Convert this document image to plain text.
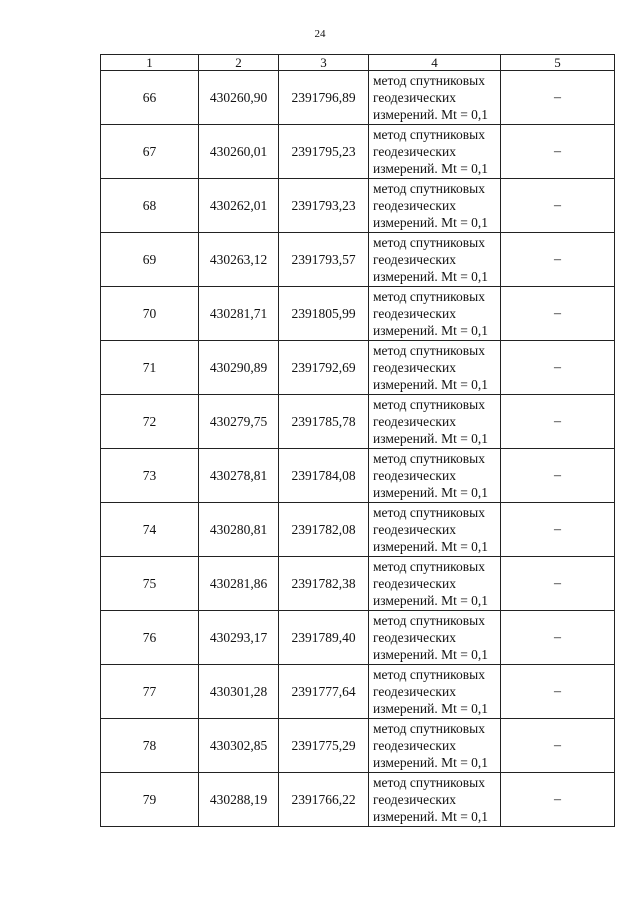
24
1	2	3	4	5
66	430260,90	2391796,89	метод спутниковых
геодезических
измерений. Mt = 0,1	–
67	430260,01	2391795,23	метод спутниковых
геодезических
измерений. Mt = 0,1	–
68	430262,01	2391793,23	метод спутниковых
геодезических
измерений. Mt = 0,1	–
69	430263,12	2391793,57	метод спутниковых
геодезических
измерений. Mt = 0,1	–
70	430281,71	2391805,99	метод спутниковых
геодезических
измерений. Mt = 0,1	–
71	430290,89	2391792,69	метод спутниковых
геодезических
измерений. Mt = 0,1	–
72	430279,75	2391785,78	метод спутниковых
геодезических
измерений. Mt = 0,1	–
73	430278,81	2391784,08	метод спутниковых
геодезических
измерений. Mt = 0,1	–
74	430280,81	2391782,08	метод спутниковых
геодезических
измерений. Mt = 0,1	–
75	430281,86	2391782,38	метод спутниковых
геодезических
измерений. Mt = 0,1	–
76	430293,17	2391789,40	метод спутниковых
геодезических
измерений. Mt = 0,1	–
77	430301,28	2391777,64	метод спутниковых
геодезических
измерений. Mt = 0,1	–
78	430302,85	2391775,29	метод спутниковых
геодезических
измерений. Mt = 0,1	–
79	430288,19	2391766,22	метод спутниковых
геодезических
измерений. Mt = 0,1	–
